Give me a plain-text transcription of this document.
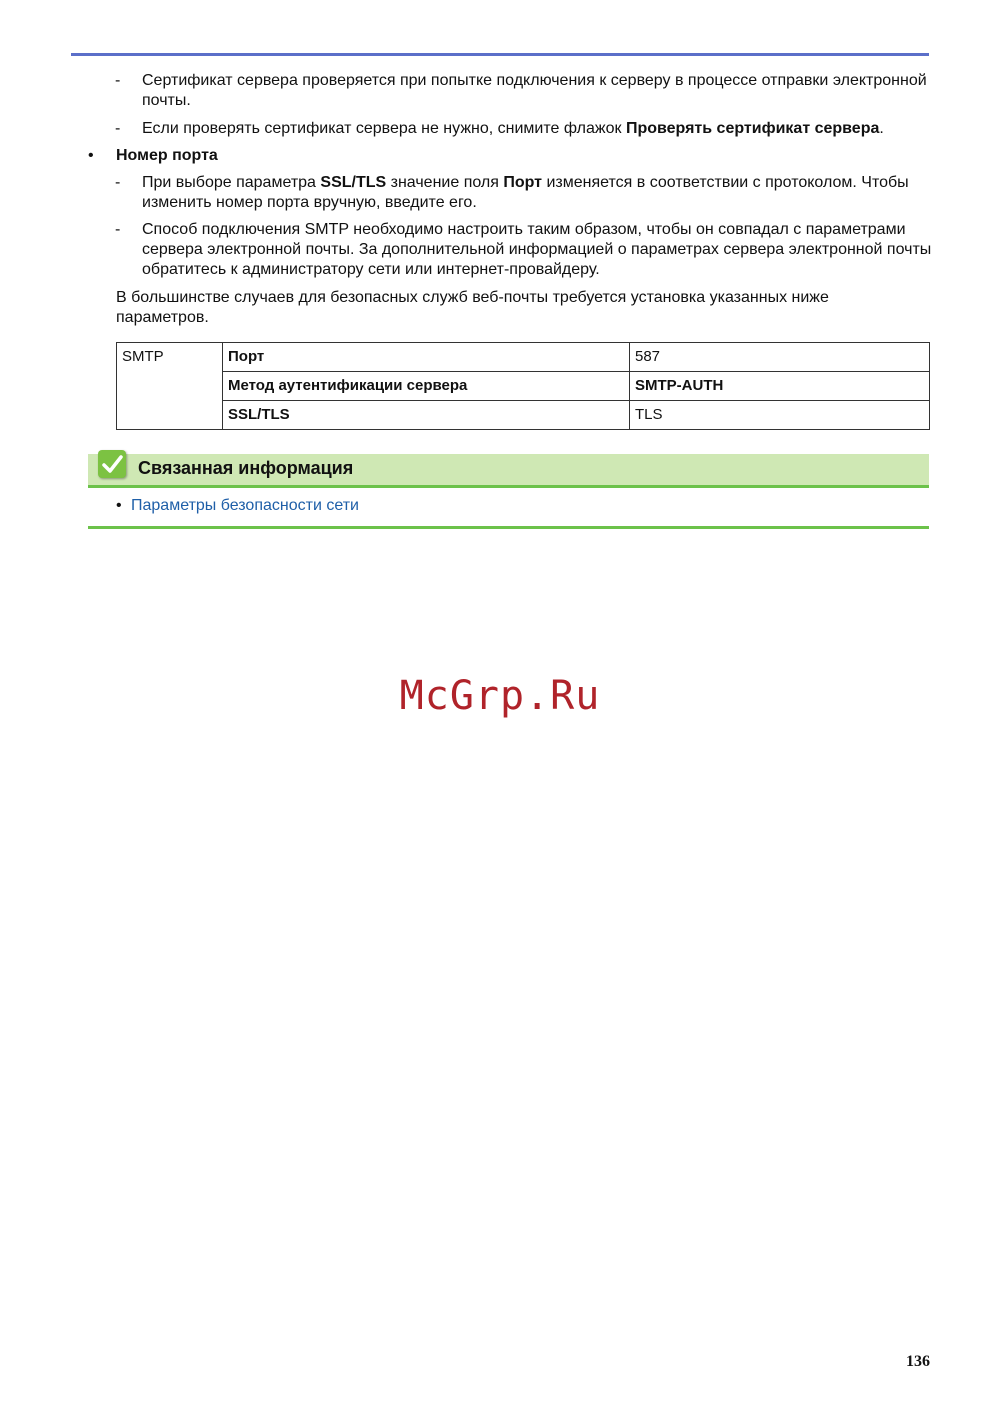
- Сертификат сервера проверяется при попытке подключения к серверу в процессе отправки электронной почты.
- Если проверять сертификат сервера не нужно, снимите флажок Проверять сертификат сервера.
• Номер порта
- При выборе параметра SSL/TLS значение поля Порт изменяется в соответствии с протоколом. Чтобы изменить номер порта вручную, введите его.
- Способ подключения SMTP необходимо настроить таким образом, чтобы он совпадал с параметрами сервера электронной почты. За дополнительной информацией о параметрах сервера электронной почты обратитесь к администратору сети или интернет-провайдеру.
В большинстве случаев для безопасных служб веб-почты требуется установка указанных ниже параметров.
SMTP	Порт	587
	Метод аутентификации сервера	SMTP-AUTH
	SSL/TLS	TLS
Связанная информация
• Параметры безопасности сети
McGrp.Ru
136
